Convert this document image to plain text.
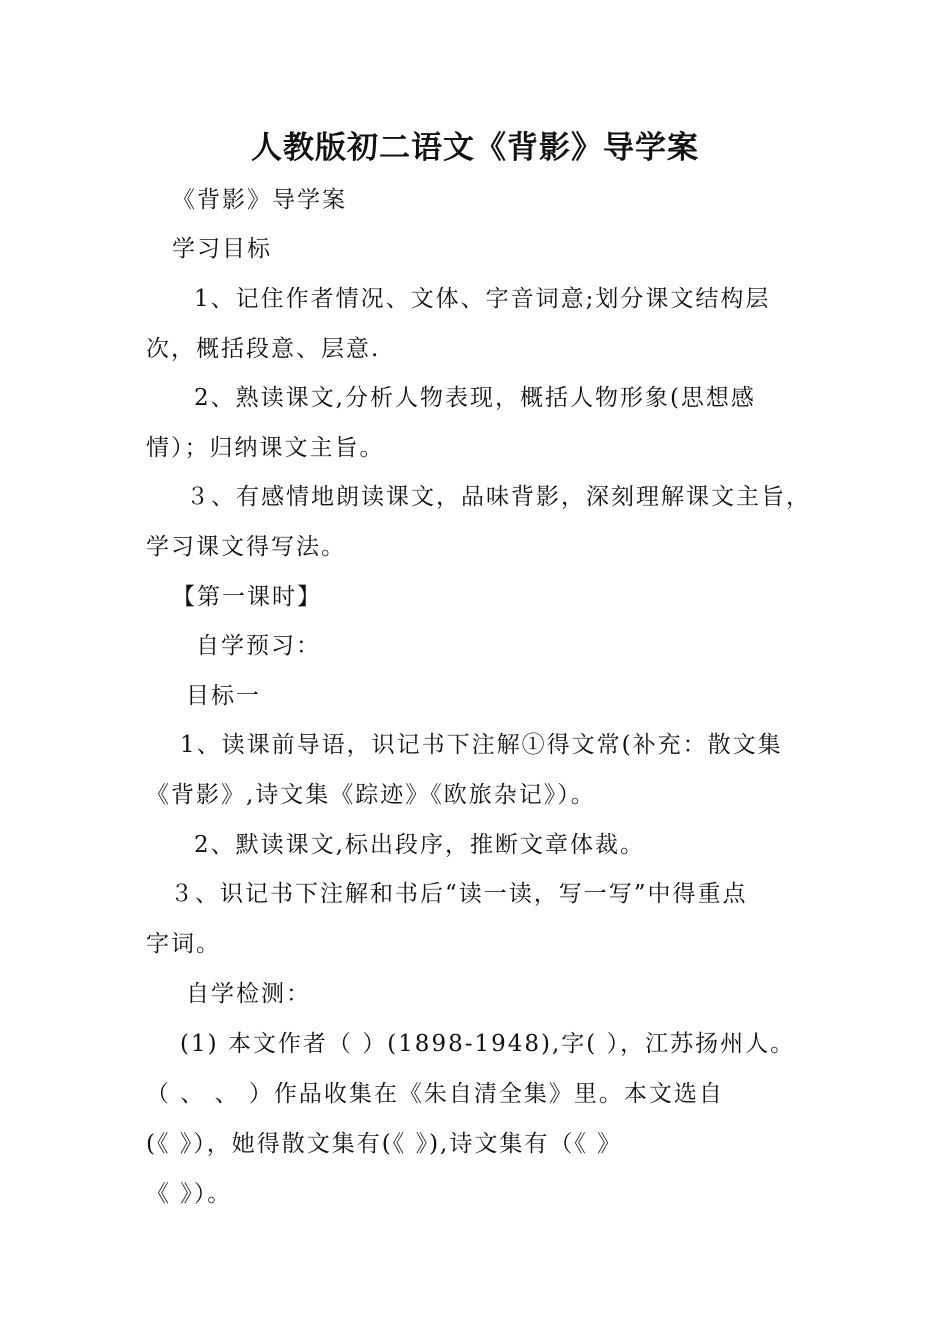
人教版初二语文《背影》导学案
《背影》导学案
学习目标
1、记住作者情况、文体、字音词意;划分课文结构层
次，概括段意、层意.
2、熟读课文,分析人物表现，概括人物形象(思想感
情）；归纳课文主旨。
３、有感情地朗读课文，品味背影，深刻理解课文主旨，
学习课文得写法。
【第一课时】
自学预习：
目标一
1、读课前导语，识记书下注解①得文常(补充：散文集
《背影》,诗文集《踪迹》《欧旅杂记》）。
2、默读课文,标出段序，推断文章体裁。
３、识记书下注解和书后“读一读，写一写”中得重点
字词。
自学检测：
(1) 本文作者（ ）(1898-1948),字( ），江苏扬州人。
（ 、 、 ）作品收集在《朱自清全集》里。本文选自
(《 》），她得散文集有(《 》),诗文集有（《 》
《 》）。
